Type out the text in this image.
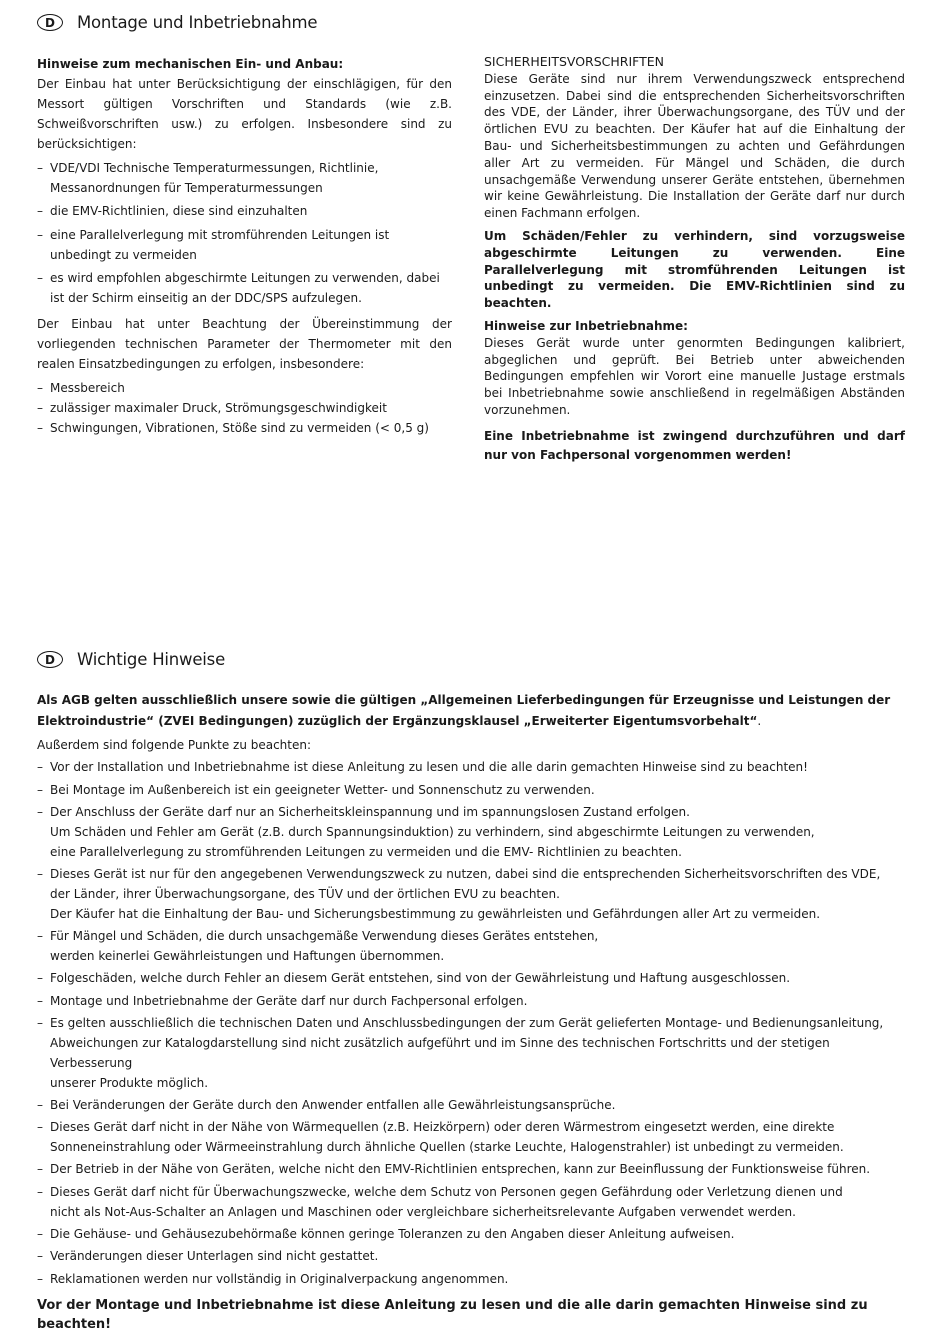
D	Montage und Inbetriebnahme

Hinweise zum mechanischen Ein- und Anbau:

Der Einbau hat unter Berücksichtigung der einschlägigen, für den Messort gültigen Vorschriften und Standards (wie z.B. Schweißvorschriften usw.) zu erfolgen. Insbesondere sind zu berücksichtigen:

– VDE/VDI Technische Temperaturmessungen, Richtlinie, Messanordnungen für Temperaturmessungen
– die EMV-Richtlinien, diese sind einzuhalten
– eine Parallelverlegung mit stromführenden Leitungen ist unbedingt zu vermeiden
– es wird empfohlen abgeschirmte Leitungen zu verwenden, dabei ist der Schirm einseitig an der DDC/SPS aufzulegen.

Der Einbau hat unter Beachtung der Übereinstimmung der vorliegenden technischen Parameter der Thermometer mit den realen Einsatzbedingungen zu erfolgen, insbesondere:

– Messbereich
– zulässiger maximaler Druck, Strömungsgeschwindigkeit
– Schwingungen, Vibrationen, Stöße sind zu vermeiden (< 0,5 g)

SICHERHEITSVORSCHRIFTEN

Diese Geräte sind nur ihrem Verwendungszweck entsprechend einzusetzen. Dabei sind die entsprechenden Sicherheitsvorschriften des VDE, der Länder, ihrer Überwachungsorgane, des TÜV und der örtlichen EVU zu beachten. Der Käufer hat auf die Einhaltung der Bau- und Sicherheitsbestimmungen zu achten und Gefährdungen aller Art zu vermeiden. Für Mängel und Schäden, die durch unsachgemäße Verwendung unserer Geräte entstehen, übernehmen wir keine Gewährleistung. Die Installation der Geräte darf nur durch einen Fachmann erfolgen.

Um Schäden/Fehler zu verhindern, sind vorzugsweise abgeschirmte Leitungen zu verwenden. Eine Parallelverlegung mit stromführenden Leitungen ist unbedingt zu vermeiden. Die EMV-Richtlinien sind zu beachten.

Hinweise zur Inbetriebnahme:

Dieses Gerät wurde unter genormten Bedingungen kalibriert, abgeglichen und geprüft. Bei Betrieb unter abweichenden Bedingungen empfehlen wir Vorort eine manuelle Justage erstmals bei Inbetriebnahme sowie anschließend in regelmäßigen Abständen vorzunehmen.

Eine Inbetriebnahme ist zwingend durchzuführen und darf nur von Fachpersonal vorgenommen werden!

D	Wichtige Hinweise

Als AGB gelten ausschließlich unsere sowie die gültigen „Allgemeinen Lieferbedingungen für Erzeugnisse und Leistungen der Elektroindustrie“ (ZVEI Bedingungen) zuzüglich der Ergänzungsklausel „Erweiterter Eigentumsvorbehalt“.

Außerdem sind folgende Punkte zu beachten:

– Vor der Installation und Inbetriebnahme ist diese Anleitung zu lesen und die alle darin gemachten Hinweise sind zu beachten!
– Bei Montage im Außenbereich ist ein geeigneter Wetter- und Sonnenschutz zu verwenden.
– Der Anschluss der Geräte darf nur an Sicherheitskleinspannung und im spannungslosen Zustand erfolgen.
Um Schäden und Fehler am Gerät (z.B. durch Spannungsinduktion) zu verhindern, sind abgeschirmte Leitungen zu verwenden,
eine Parallelverlegung zu stromführenden Leitungen zu vermeiden und die EMV- Richtlinien zu beachten.
– Dieses Gerät ist nur für den angegebenen Verwendungszweck zu nutzen, dabei sind die entsprechenden Sicherheitsvorschriften des VDE,
der Länder, ihrer Überwachungsorgane, des TÜV und der örtlichen EVU zu beachten.
Der Käufer hat die Einhaltung der Bau- und Sicherungsbestimmung zu gewährleisten und Gefährdungen aller Art zu vermeiden.
– Für Mängel und Schäden, die durch unsachgemäße Verwendung dieses Gerätes entstehen,
werden keinerlei Gewährleistungen und Haftungen übernommen.
– Folgeschäden, welche durch Fehler an diesem Gerät entstehen, sind von der Gewährleistung und Haftung ausgeschlossen.
– Montage und Inbetriebnahme der Geräte darf nur durch Fachpersonal erfolgen.
– Es gelten ausschließlich die technischen Daten und Anschlussbedingungen der zum Gerät gelieferten Montage- und Bedienungsanleitung,
Abweichungen zur Katalogdarstellung sind nicht zusätzlich aufgeführt und im Sinne des technischen Fortschritts und der stetigen Verbesserung
unserer Produkte möglich.
– Bei Veränderungen der Geräte durch den Anwender entfallen alle Gewährleistungsansprüche.
– Dieses Gerät darf nicht in der Nähe von Wärmequellen (z.B. Heizkörpern) oder deren Wärmestrom eingesetzt werden, eine direkte
Sonneneinstrahlung oder Wärmeeinstrahlung durch ähnliche Quellen (starke Leuchte, Halogenstrahler) ist unbedingt zu vermeiden.
– Der Betrieb in der Nähe von Geräten, welche nicht den EMV-Richtlinien entsprechen, kann zur Beeinflussung der Funktionsweise führen.
– Dieses Gerät darf nicht für Überwachungszwecke, welche dem Schutz von Personen gegen Gefährdung oder Verletzung dienen und
nicht als Not-Aus-Schalter an Anlagen und Maschinen oder vergleichbare sicherheitsrelevante Aufgaben verwendet werden.
– Die Gehäuse- und Gehäusezubehörmaße können geringe Toleranzen zu den Angaben dieser Anleitung aufweisen.
– Veränderungen dieser Unterlagen sind nicht gestattet.
– Reklamationen werden nur vollständig in Originalverpackung angenommen.

Vor der Montage und Inbetriebnahme ist diese Anleitung zu lesen und die alle darin gemachten Hinweise sind zu beachten!
